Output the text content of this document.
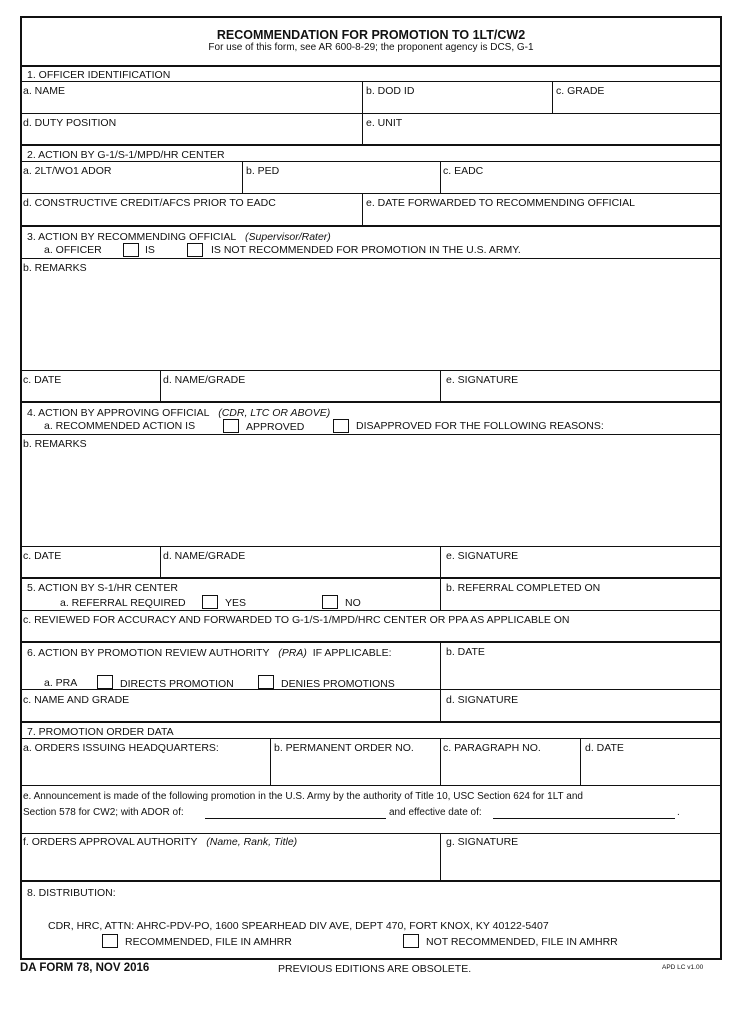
RECOMMENDATION FOR PROMOTION TO 1LT/CW2
For use of this form, see AR 600-8-29; the proponent agency is DCS, G-1
1. OFFICER IDENTIFICATION
a. NAME	b. DOD ID	c. GRADE
d. DUTY POSITION	e. UNIT
2. ACTION BY G-1/S-1/MPD/HR CENTER
a. 2LT/WO1 ADOR	b. PED	c. EADC
d. CONSTRUCTIVE CREDIT/AFCS PRIOR TO EADC	e. DATE FORWARDED TO RECOMMENDING OFFICIAL
3. ACTION BY RECOMMENDING OFFICIAL (Supervisor/Rater)
a. OFFICER	IS	IS NOT RECOMMENDED FOR PROMOTION IN THE U.S. ARMY.
b. REMARKS
c. DATE	d. NAME/GRADE	e. SIGNATURE
4. ACTION BY APPROVING OFFICIAL (CDR, LTC OR ABOVE)
a. RECOMMENDED ACTION IS	APPROVED	DISAPPROVED FOR THE FOLLOWING REASONS:
b. REMARKS
c. DATE	d. NAME/GRADE	e. SIGNATURE
5. ACTION BY S-1/HR CENTER	b. REFERRAL COMPLETED ON
a. REFERRAL REQUIRED	YES	NO
c. REVIEWED FOR ACCURACY AND FORWARDED TO G-1/S-1/MPD/HRC CENTER OR PPA AS APPLICABLE ON
6. ACTION BY PROMOTION REVIEW AUTHORITY (PRA) IF APPLICABLE:	b. DATE
a. PRA	DIRECTS PROMOTION	DENIES PROMOTIONS
c. NAME AND GRADE	d. SIGNATURE
7. PROMOTION ORDER DATA
a. ORDERS ISSUING HEADQUARTERS:	b. PERMANENT ORDER NO.	c. PARAGRAPH NO.	d. DATE
e. Announcement is made of the following promotion in the U.S. Army by the authority of Title 10, USC Section 624 for 1LT and
Section 578 for CW2; with ADOR of:	and effective date of:	.
f. ORDERS APPROVAL AUTHORITY (Name, Rank, Title)	g. SIGNATURE
8. DISTRIBUTION:
CDR, HRC, ATTN: AHRC-PDV-PO, 1600 SPEARHEAD DIV AVE, DEPT 470, FORT KNOX, KY 40122-5407
RECOMMENDED, FILE IN AMHRR	NOT RECOMMENDED, FILE IN AMHRR
DA FORM 78, NOV 2016	PREVIOUS EDITIONS ARE OBSOLETE.	APD LC v1.00
